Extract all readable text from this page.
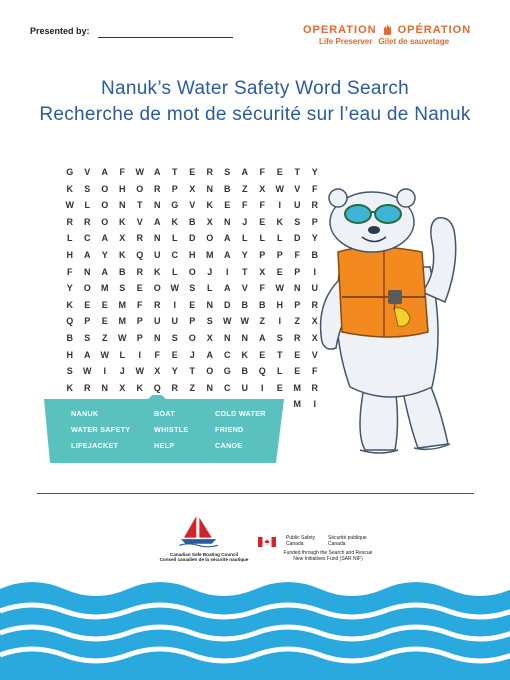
Presented by:	OPERATION OPÉRATION
Life Preserver Gilet de sauvetage
Nanuk’s Water Safety Word Search
Recherche de mot de sécurité sur l’eau de Nanuk
G	V	A	F	W	A	T	E	R	S	A	F	E	T	Y
K	S	O	H	O	R	P	X	N	B	Z	X	W	V	F
W	L	O	N	T	N	G	V	K	E	F	F	I	U	R
R	R	O	K	V	A	K	B	X	N	J	E	K	S	P
L	C	A	X	R	N	L	D	O	A	L	L	L	D	Y
H	A	Y	K	Q	U	C	H	M	A	Y	P	P	F	B
F	N	A	B	R	K	L	O	J	I	T	X	E	P	I
Y	O	M	S	E	O	W	S	L	A	V	F	W	N	U
K	E	E	M	F	R	I	E	N	D	B	B	H	P	R
Q	P	E	M	P	U	U	P	S	W	W	Z	I	Z	X
B	S	Z	W	P	N	S	O	X	N	N	A	S	R	X
H	A	W	L	I	F	E	J	A	C	K	E	T	E	V
S	W	I	J	W	X	Y	T	O	G	B	Q	L	E	F
K	R	N	X	K	Q	R	Z	N	C	U	I	E	M	R
M	I
NANUK	BOAT	COLD WATER
WATER SAFETY	WHISTLE	FRIEND
LIFEJACKET	HELP	CANOE
Canadian Safe Boating Council
Conseil canadien de la sécurité nautique
Public Safety
Canada
Sécurité publique
Canada
Funded through the Search and Rescue
New Initiatives Fund (SAR NIF)
